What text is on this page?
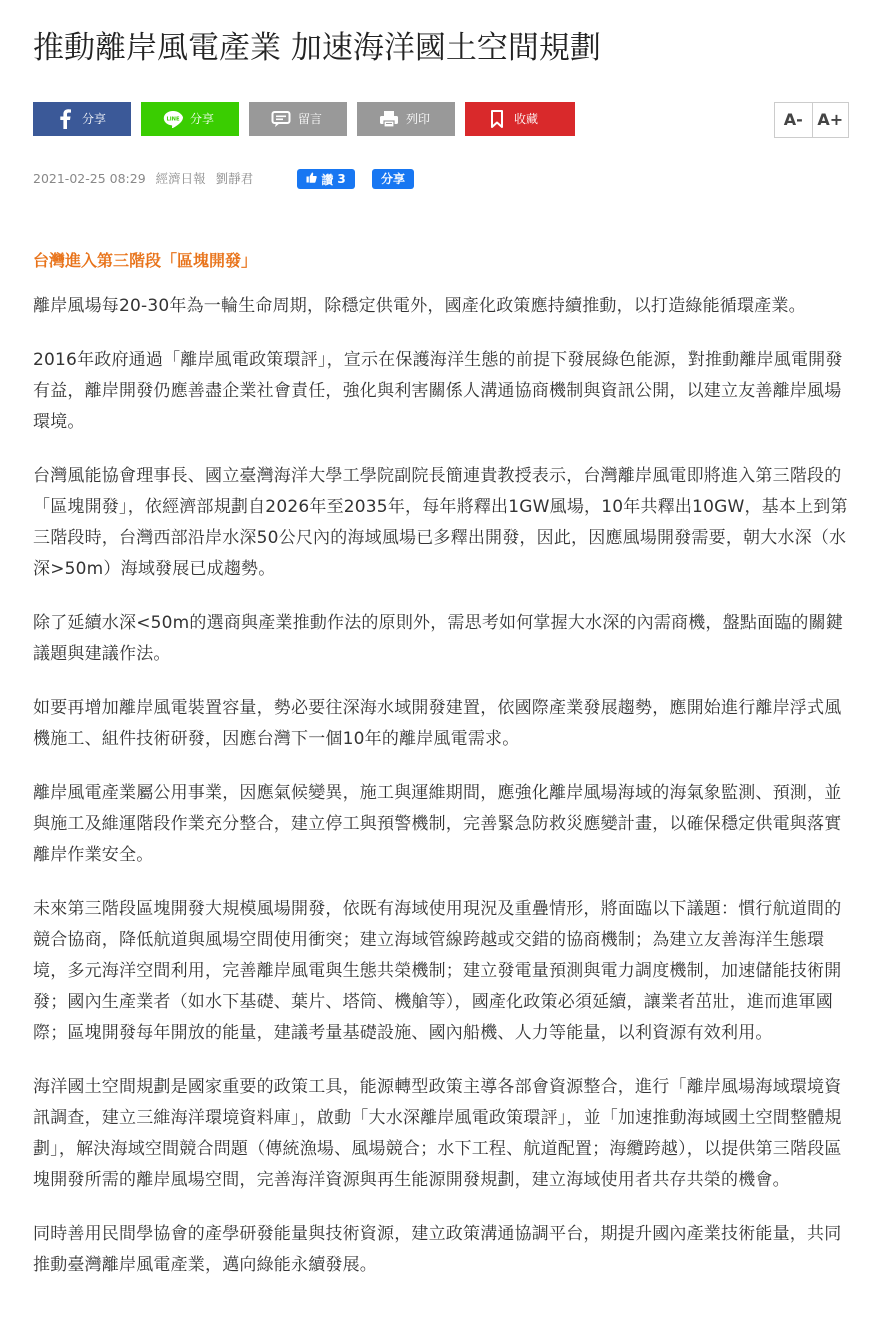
推動離岸風電產業 加速海洋國土空間規劃
分享	LINE 分享	留言	列印	收藏	A- A+
2021-02-25 08:29 經濟日報 劉靜君	讚 3	分享
台灣進入第三階段「區塊開發」

離岸風場每20-30年為一輪生命周期，除穩定供電外，國產化政策應持續推動，以打造綠能循環產業。

2016年政府通過「離岸風電政策環評」，宣示在保護海洋生態的前提下發展綠色能源，對推動離岸風電開發有益，離岸開發仍應善盡企業社會責任，強化與利害關係人溝通協商機制與資訊公開，以建立友善離岸風場環境。

台灣風能協會理事長、國立臺灣海洋大學工學院副院長簡連貴教授表示，台灣離岸風電即將進入第三階段的「區塊開發」，依經濟部規劃自2026年至2035年，每年將釋出1GW風場，10年共釋出10GW，基本上到第三階段時，台灣西部沿岸水深50公尺內的海域風場已多釋出開發，因此，因應風場開發需要，朝大水深（水深>50m）海域發展已成趨勢。

除了延續水深<50m的選商與產業推動作法的原則外，需思考如何掌握大水深的內需商機，盤點面臨的關鍵議題與建議作法。

如要再增加離岸風電裝置容量，勢必要往深海水域開發建置，依國際產業發展趨勢，應開始進行離岸浮式風機施工、組件技術研發，因應台灣下一個10年的離岸風電需求。

離岸風電產業屬公用事業，因應氣候變異，施工與運維期間，應強化離岸風場海域的海氣象監測、預測，並與施工及維運階段作業充分整合，建立停工與預警機制，完善緊急防救災應變計畫，以確保穩定供電與落實離岸作業安全。

未來第三階段區塊開發大規模風場開發，依既有海域使用現況及重疊情形，將面臨以下議題：慣行航道間的競合協商，降低航道與風場空間使用衝突；建立海域管線跨越或交錯的協商機制；為建立友善海洋生態環境，多元海洋空間利用，完善離岸風電與生態共榮機制；建立發電量預測與電力調度機制，加速儲能技術開發；國內生產業者（如水下基礎、葉片、塔筒、機艙等），國產化政策必須延續，讓業者茁壯，進而進軍國際；區塊開發每年開放的能量，建議考量基礎設施、國內船機、人力等能量，以利資源有效利用。

海洋國土空間規劃是國家重要的政策工具，能源轉型政策主導各部會資源整合，進行「離岸風場海域環境資訊調查，建立三維海洋環境資料庫」，啟動「大水深離岸風電政策環評」，並「加速推動海域國土空間整體規劃」，解決海域空間競合問題（傳統漁場、風場競合；水下工程、航道配置；海纜跨越），以提供第三階段區塊開發所需的離岸風場空間，完善海洋資源與再生能源開發規劃，建立海域使用者共存共榮的機會。

同時善用民間學協會的產學研發能量與技術資源，建立政策溝通協調平台，期提升國內產業技術能量，共同推動臺灣離岸風電產業，邁向綠能永續發展。
